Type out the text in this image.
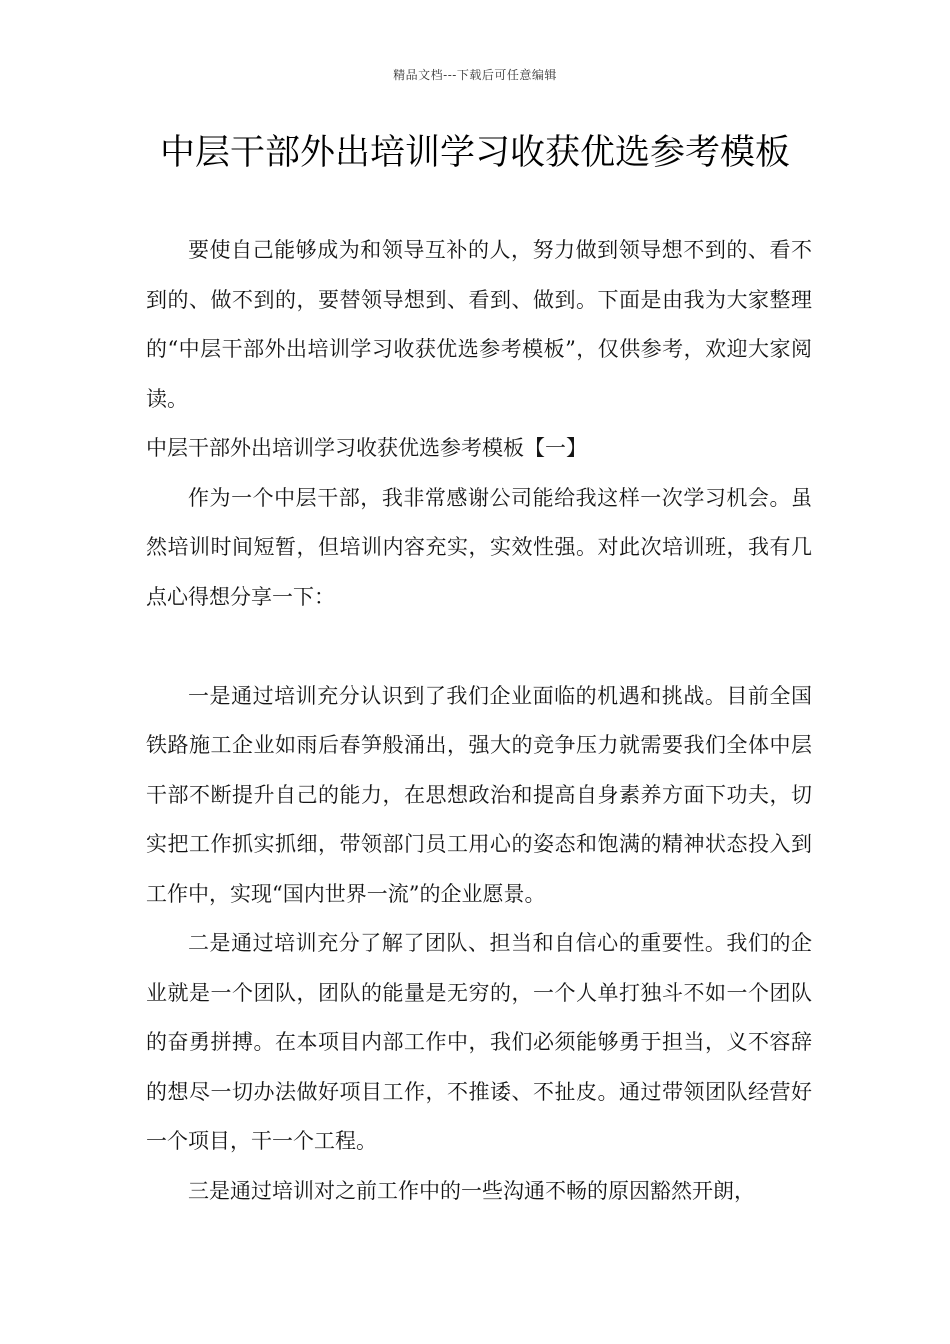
精品文档---下载后可任意编辑
中层干部外出培训学习收获优选参考模板

要使自己能够成为和领导互补的人，努力做到领导想不到的、看不到的、做不到的，要替领导想到、看到、做到。下面是由我为大家整理的“中层干部外出培训学习收获优选参考模板”，仅供参考，欢迎大家阅读。

中层干部外出培训学习收获优选参考模板【一】

作为一个中层干部，我非常感谢公司能给我这样一次学习机会。虽然培训时间短暂，但培训内容充实，实效性强。对此次培训班，我有几点心得想分享一下：

一是通过培训充分认识到了我们企业面临的机遇和挑战。目前全国铁路施工企业如雨后春笋般涌出，强大的竞争压力就需要我们全体中层干部不断提升自己的能力，在思想政治和提高自身素养方面下功夫，切实把工作抓实抓细，带领部门员工用心的姿态和饱满的精神状态投入到工作中，实现“国内世界一流”的企业愿景。

二是通过培训充分了解了团队、担当和自信心的重要性。我们的企业就是一个团队，团队的能量是无穷的，一个人单打独斗不如一个团队的奋勇拼搏。在本项目内部工作中，我们必须能够勇于担当，义不容辞的想尽一切办法做好项目工作，不推诿、不扯皮。通过带领团队经营好一个项目，干一个工程。

三是通过培训对之前工作中的一些沟通不畅的原因豁然开朗，
